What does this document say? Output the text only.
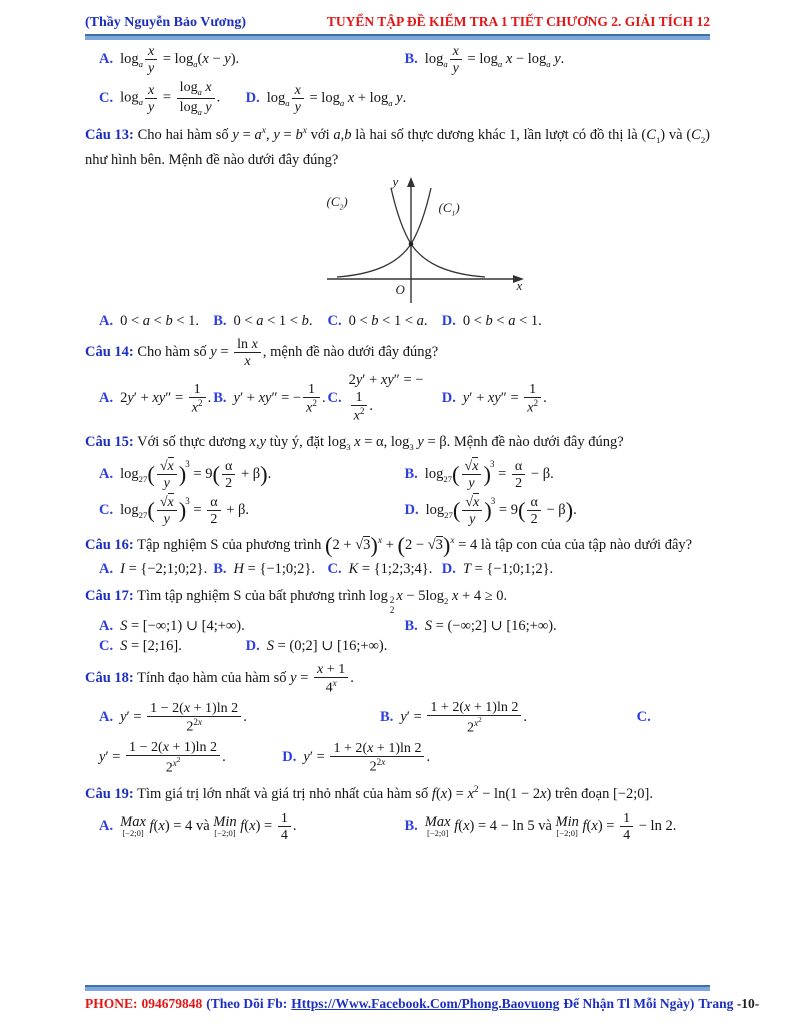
(Thầy Nguyễn Bảo Vương)	TUYỂN TẬP ĐỀ KIỂM TRA 1 TIẾT CHƯƠNG 2. GIẢI TÍCH 12
A. $\log_a \frac{x}{y} = \log_a(x - y)$.	B. $\log_a \frac{x}{y} = \log_a x - \log_a y$.
C. $\log_a \frac{x}{y} = \frac{\log_a x}{\log_a y}$ . D. $\log_a \frac{x}{y} = \log_a x + \log_a y$.

Câu 13: Cho hai hàm số $y = a^x$, $y = b^x$ với a,b là hai số thực dương khác 1, lần lượt có đồ thị là $(C_1)$ và $(C_2)$ như hình bên. Mệnh đề nào dưới đây đúng?

$(C_2)$	$(C_1)$
y
x
O
A. 0 < a < b < 1. B. 0 < a < 1 < b. C. 0 < b < 1 < a. D. 0 < b < a < 1.

Câu 14: Cho hàm số $y = \frac{\text{ln x}}{x}$ , mệnh đề nào dưới đây đúng?

A. $2y' + xy'' = \frac{1}{x^2}$ . B. y′ + xy″ = − $\frac{1}{x^2}$ . C.
2y′ + xy″ = −
$\frac{1}{x^2}$ .
D. $y' + xy'' = \frac{1}{x^2}$ .

Câu 15: Với số thực dương x,y tùy ý, đặt $\log_3 x = \alpha$, $\log_3 y = \beta$. Mệnh đề nào dưới đây đúng?

A. $\log_{27}( \frac{√x}{y} )^3 = 9( \frac{\alpha}{2} + \beta)$.	B. $\log_{27}( \frac{√x}{y} )^3 = \frac{\alpha}{2} - \beta$.
C. $\log_{27}( \frac{√x}{y} )^3 = \frac{\alpha}{2} + \beta$.	D. $\log_{27}( \frac{√x}{y} )^3 = 9( \frac{\alpha}{2} - \beta)$.

Câu 16: Tập nghiệm S của phương trình $(2 + √3)^x + (2 - √3)^x = 4$ là tập con của của tập nào dưới đây?

A. I = {−2;1;0;2}. B. H = {−1;0;2}. C. K = {1;2;3;4}. D. T = {−1;0;1;2}.

Câu 17: Tìm tập nghiệm S của bất phương trình log 2
2
$x - 5\log_2$ x + 4 ≥ 0.

A. S = [−∞;1) ∪ [4;+∞).	B. S = (−∞;2] ∪ [16;+∞).
C. S = [2;16].	D. S = (0;2] ∪ [16;+∞).

Câu 18: Tính đạo hàm của hàm số $y = \frac{x + 1}{4^x}$ .

A. $y' = \frac{1 - 2(x + 1)\ln 2}{2^{2x}}$ .	B. $y' = \frac{1 + 2(x + 1)\ln 2}{2^{x^2}}$ .	C.
$y' = \frac{1 - 2(x + 1)\ln 2}{2^{x^2}}$ .	D. $y' = \frac{1 + 2(x + 1)\ln 2}{2^{2x}}$ .

Câu 19: Tìm giá trị lớn nhất và giá trị nhỏ nhất của hàm số $f(x) = x^2 - \ln(1 - 2x)$ trên đoạn [−2;0].

A. Max
[−2;0] f(x) = 4 và Min
[−2;0] $f(x) = \frac{1}{4}$ .	B. Max
[−2;0] f(x) = 4 − ln 5 và Min
[−2;0] $f(x) = \frac{1}{4} - \ln 2$.
PHONE: 094679848 (Theo Dõi Fb: Https://Www.Facebook.Com/Phong.Baovuong Để Nhận Tl Mỗi Ngày) Trang -10-
